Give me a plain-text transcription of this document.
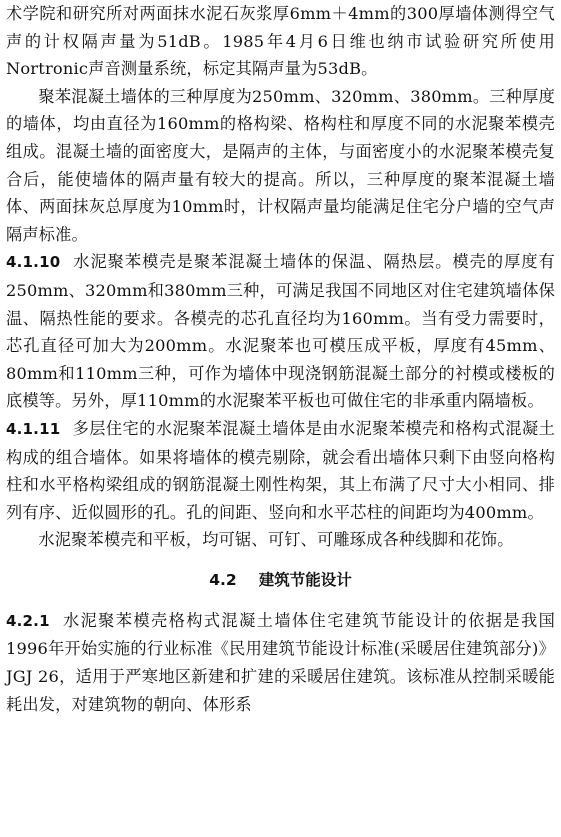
术学院和研究所对两面抹水泥石灰浆厚6mm＋4mm的300厚墙体测得空气声的计权隔声量为51dB。1985年4月6日维也纳市试验研究所使用Nortronic声音测量系统，标定其隔声量为53dB。

聚苯混凝土墙体的三种厚度为250mm、320mm、380mm。三种厚度的墙体，均由直径为160mm的格构梁、格构柱和厚度不同的水泥聚苯模壳组成。混凝土墙的面密度大，是隔声的主体，与面密度小的水泥聚苯模壳复合后，能使墙体的隔声量有较大的提高。所以，三种厚度的聚苯混凝土墙体、两面抹灰总厚度为10mm时，计权隔声量均能满足住宅分户墙的空气声隔声标准。

4.1.10 水泥聚苯模壳是聚苯混凝土墙体的保温、隔热层。模壳的厚度有250mm、320mm和380mm三种，可满足我国不同地区对住宅建筑墙体保温、隔热性能的要求。各模壳的芯孔直径均为160mm。当有受力需要时，芯孔直径可加大为200mm。水泥聚苯也可模压成平板，厚度有45mm、80mm和110mm三种，可作为墙体中现浇钢筋混凝土部分的衬模或楼板的底模等。另外，厚110mm的水泥聚苯平板也可做住宅的非承重内隔墙板。

4.1.11 多层住宅的水泥聚苯混凝土墙体是由水泥聚苯模壳和格构式混凝土构成的组合墙体。如果将墙体的模壳剔除，就会看出墙体只剩下由竖向格构柱和水平格构梁组成的钢筋混凝土刚性构架，其上布满了尺寸大小相同、排列有序、近似圆形的孔。孔的间距、竖向和水平芯柱的间距均为400mm。

水泥聚苯模壳和平板，均可锯、可钉、可雕琢成各种线脚和花饰。

4.2 建筑节能设计

4.2.1 水泥聚苯模壳格构式混凝土墙体住宅建筑节能设计的依据是我国1996年开始实施的行业标准《民用建筑节能设计标准(采暖居住建筑部分)》JGJ 26，适用于严寒地区新建和扩建的采暖居住建筑。该标准从控制采暖能耗出发，对建筑物的朝向、体形系
